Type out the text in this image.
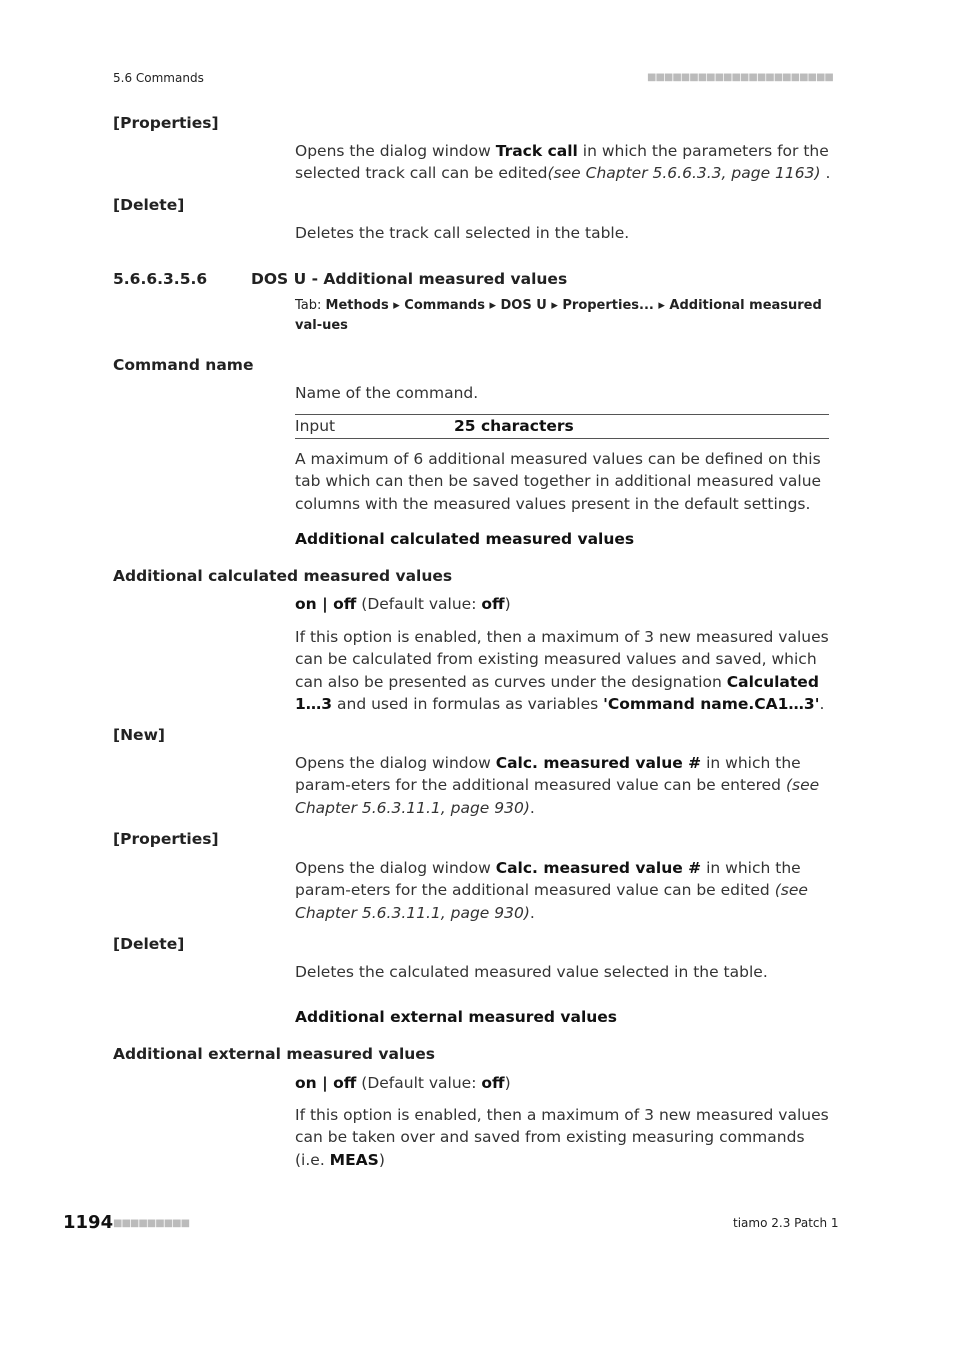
5.6 Commands	■■■■■■■■■■■■■■■■■■■■■■
[Properties]
Opens the dialog window Track call in which the parameters for the selected track call can be edited(see Chapter 5.6.6.3.3, page 1163) .
[Delete]
Deletes the track call selected in the table.
5.6.6.3.5.6	DOS U - Additional measured values
Tab: Methods ▸ Commands ▸ DOS U ▸ Properties... ▸ Additional measured val-ues
Command name
Name of the command.
Input	25 characters
A maximum of 6 additional measured values can be defined on this tab which can then be saved together in additional measured value columns with the measured values present in the default settings.
Additional calculated measured values
Additional calculated measured values
on | off (Default value: off)
If this option is enabled, then a maximum of 3 new measured values can be calculated from existing measured values and saved, which can also be presented as curves under the designation Calculated 1…3 and used in formulas as variables 'Command name.CA1…3'.
[New]
Opens the dialog window Calc. measured value # in which the param-eters for the additional measured value can be entered (see Chapter 5.6.3.11.1, page 930).
[Properties]
Opens the dialog window Calc. measured value # in which the param-eters for the additional measured value can be edited (see Chapter 5.6.3.11.1, page 930).
[Delete]
Deletes the calculated measured value selected in the table.
Additional external measured values
Additional external measured values
on | off (Default value: off)
If this option is enabled, then a maximum of 3 new measured values can be taken over and saved from existing measuring commands (i.e. MEAS)
1194 ■■■■■■■■■	tiamo 2.3 Patch 1
